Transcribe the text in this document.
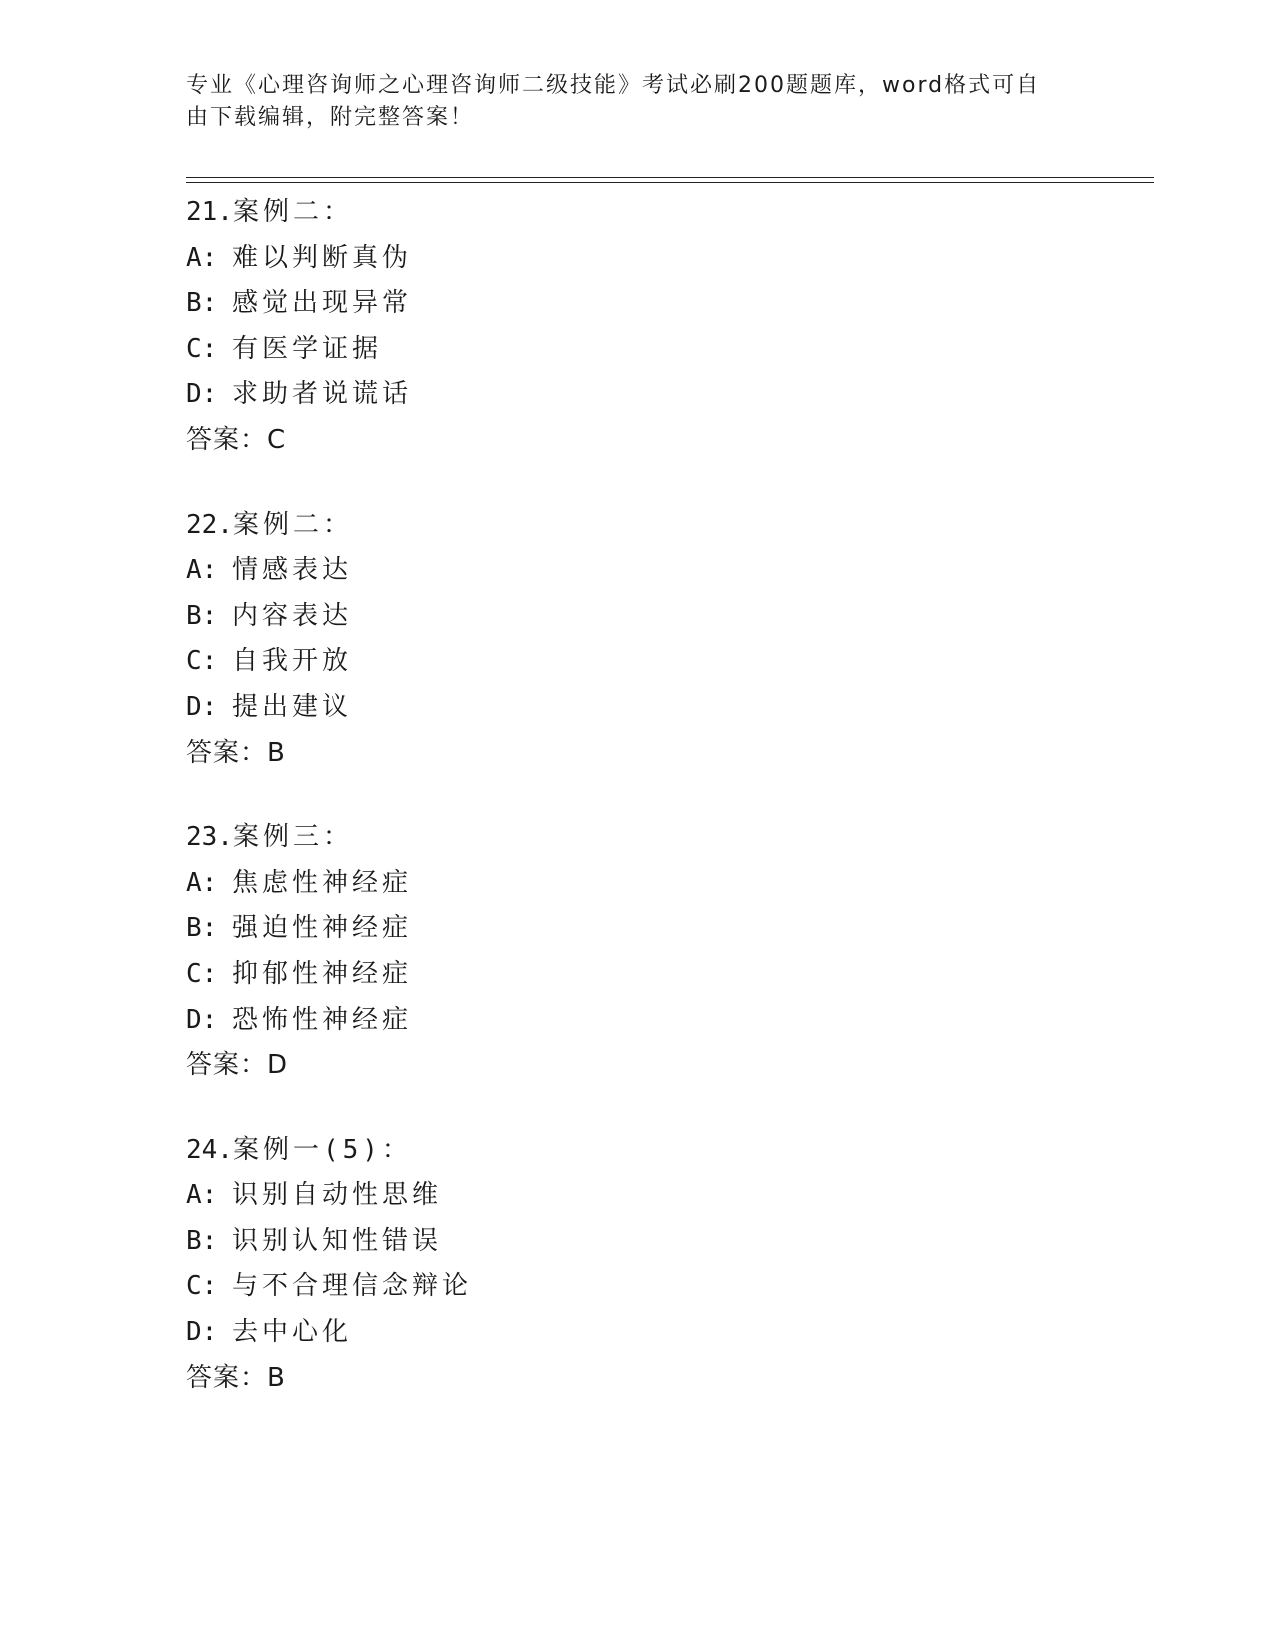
专业《心理咨询师之心理咨询师二级技能》考试必刷200题题库，word格式可自

由下载编辑，附完整答案！

21.案例二：
A: 难以判断真伪
B: 感觉出现异常
C: 有医学证据
D: 求助者说谎话
答案：C
22.案例二：
A: 情感表达
B: 内容表达
C: 自我开放
D: 提出建议
答案：B
23.案例三：
A: 焦虑性神经症
B: 强迫性神经症
C: 抑郁性神经症
D: 恐怖性神经症
答案：D
24.案例一(5)：
A: 识别自动性思维
B: 识别认知性错误
C: 与不合理信念辩论
D: 去中心化
答案：B
